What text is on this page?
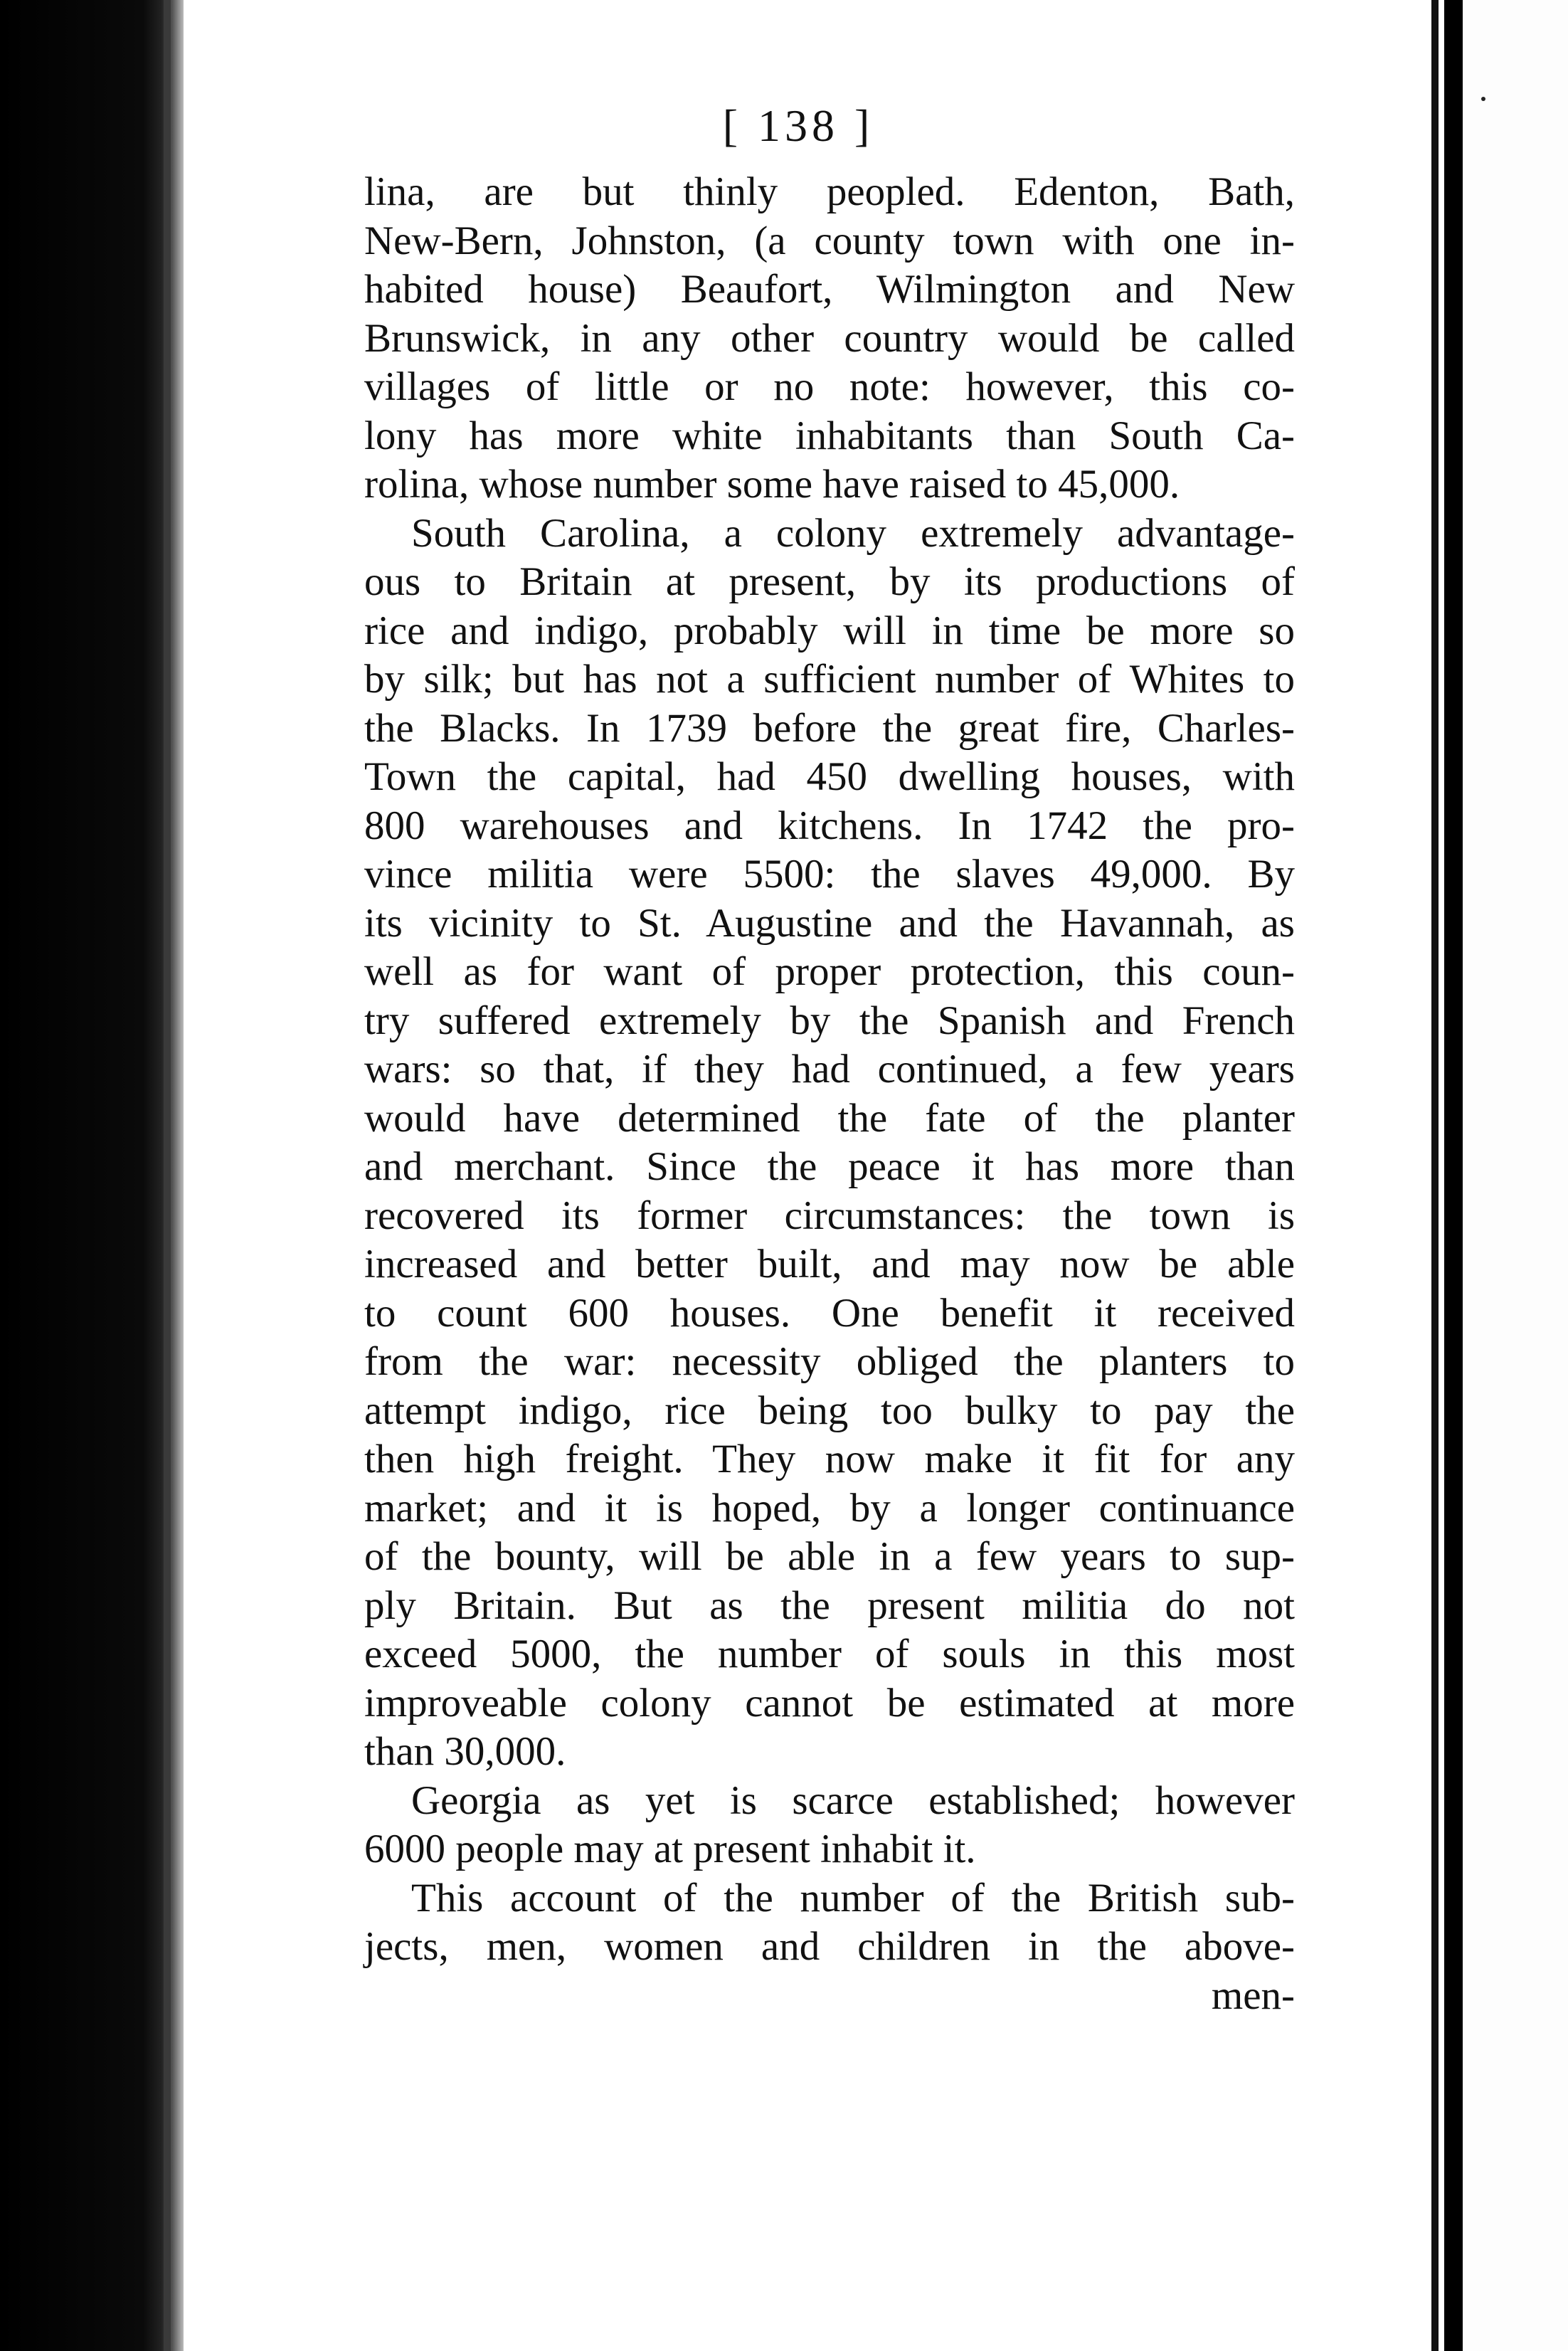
[ 138 ]
lina, are but thinly peopled. Edenton, Bath,
New-Bern, Johnston, (a county town with one in-
habited house) Beaufort, Wilmington and New
Brunswick, in any other country would be called
villages of little or no note: however, this co-
lony has more white inhabitants than South Ca-
rolina, whose number some have raised to 45,000.
South Carolina, a colony extremely advantage-
ous to Britain at present, by its productions of
rice and indigo, probably will in time be more so
by silk; but has not a sufficient number of Whites to
the Blacks. In 1739 before the great fire, Charles-
Town the capital, had 450 dwelling houses, with
800 warehouses and kitchens. In 1742 the pro-
vince militia were 5500: the slaves 49,000. By
its vicinity to St. Augustine and the Havannah, as
well as for want of proper protection, this coun-
try suffered extremely by the Spanish and French
wars: so that, if they had continued, a few years
would have determined the fate of the planter
and merchant. Since the peace it has more than
recovered its former circumstances: the town is
increased and better built, and may now be able
to count 600 houses. One benefit it received
from the war: necessity obliged the planters to
attempt indigo, rice being too bulky to pay the
then high freight. They now make it fit for any
market; and it is hoped, by a longer continuance
of the bounty, will be able in a few years to sup-
ply Britain. But as the present militia do not
exceed 5000, the number of souls in this most
improveable colony cannot be estimated at more
than 30,000.
Georgia as yet is scarce established; however
6000 people may at present inhabit it.
This account of the number of the British sub-
jects, men, women and children in the above-
men-
